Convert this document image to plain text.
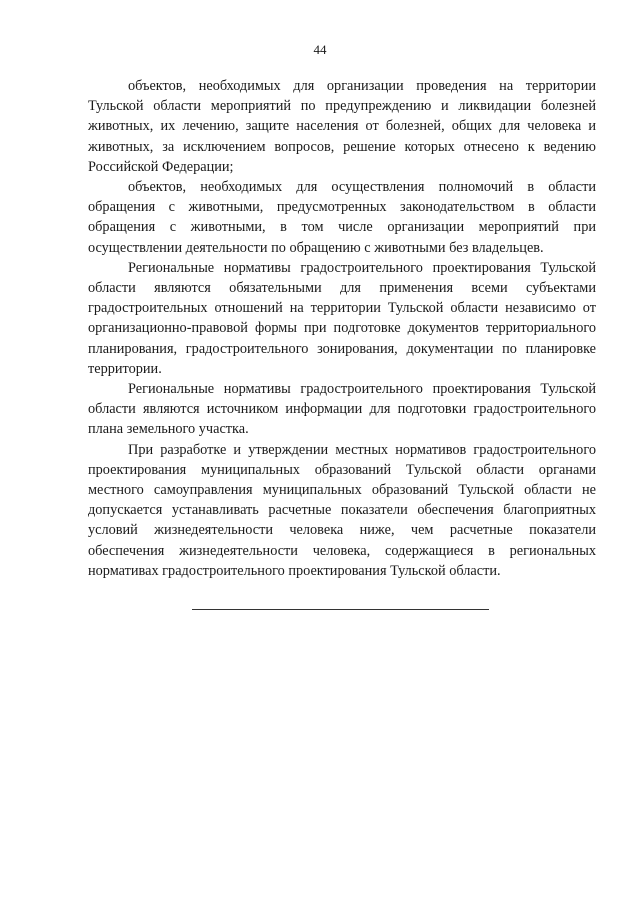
44

объектов, необходимых для организации проведения на территории Тульской области мероприятий по предупреждению и ликвидации болезней животных, их лечению, защите населения от болезней, общих для человека и животных, за исключением вопросов, решение которых отнесено к ведению Российской Федерации;

объектов, необходимых для осуществления полномочий в области обращения с животными, предусмотренных законодательством в области обращения с животными, в том числе организации мероприятий при осуществлении деятельности по обращению с животными без владельцев.

Региональные нормативы градостроительного проектирования Тульской области являются обязательными для применения всеми субъектами градостроительных отношений на территории Тульской области независимо от организационно-правовой формы при подготовке документов территориального планирования, градостроительного зонирования, документации по планировке территории.

Региональные нормативы градостроительного проектирования Тульской области являются источником информации для подготовки градостроительного плана земельного участка.

При разработке и утверждении местных нормативов градостроительного проектирования муниципальных образований Тульской области органами местного самоуправления муниципальных образований Тульской области не допускается устанавливать расчетные показатели обеспечения благоприятных условий жизнедеятельности человека ниже, чем расчетные показатели обеспечения жизнедеятельности человека, содержащиеся в региональных нормативах градостроительного проектирования Тульской области.
